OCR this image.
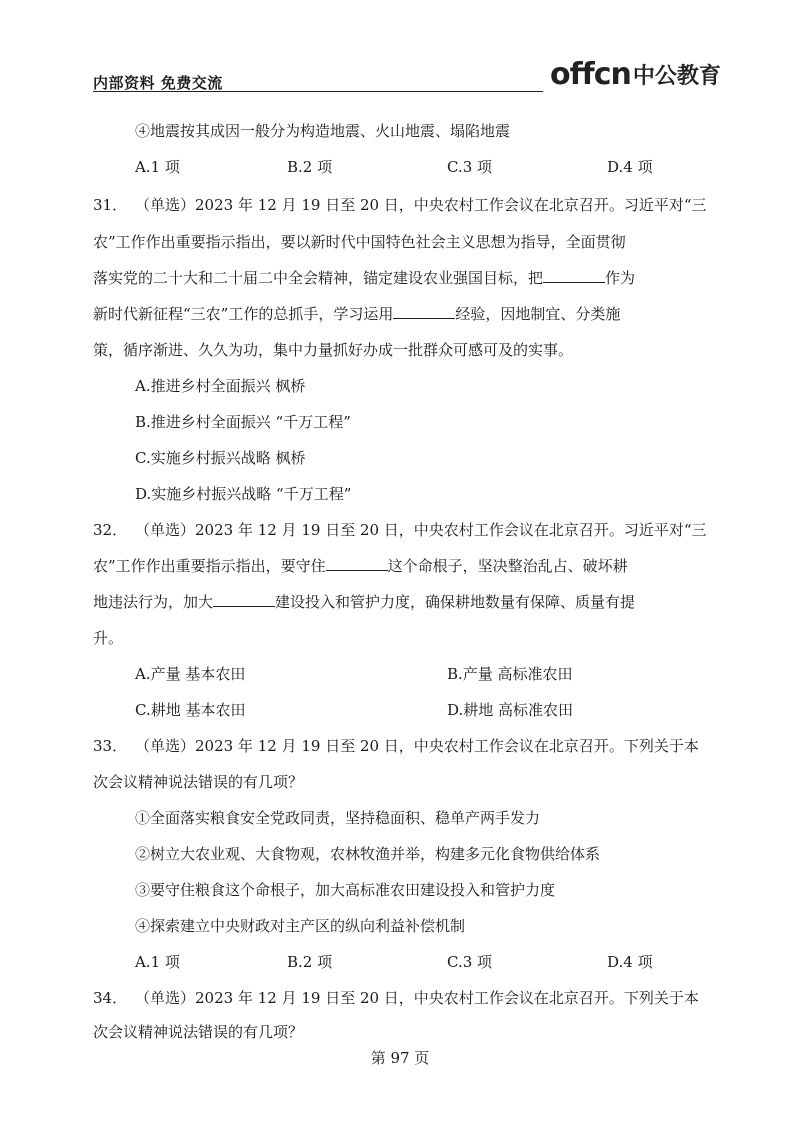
内部资料 免费交流	offcn 中公教育
④地震按其成因一般分为构造地震、火山地震、塌陷地震
A.1 项	B.2 项	C.3 项	D.4 项
31． （单选）2023 年 12 月 19 日至 20 日，中央农村工作会议在北京召开。习近平对“三
农”工作作出重要指示指出，要以新时代中国特色社会主义思想为指导，全面贯彻
落实党的二十大和二十届二中全会精神，锚定建设农业强国目标，把	作为
新时代新征程“三农”工作的总抓手，学习运用	经验，因地制宜、分类施
策，循序渐进、久久为功，集中力量抓好办成一批群众可感可及的实事。
A.推进乡村全面振兴 枫桥
B.推进乡村全面振兴 “千万工程”
C.实施乡村振兴战略 枫桥
D.实施乡村振兴战略 “千万工程”
32． （单选）2023 年 12 月 19 日至 20 日，中央农村工作会议在北京召开。习近平对“三
农”工作作出重要指示指出，要守住	这个命根子，坚决整治乱占、破坏耕
地违法行为，加大	建设投入和管护力度，确保耕地数量有保障、质量有提
升。
A.产量 基本农田	B.产量 高标准农田
C.耕地 基本农田	D.耕地 高标准农田
33． （单选）2023 年 12 月 19 日至 20 日，中央农村工作会议在北京召开。下列关于本
次会议精神说法错误的有几项？
①全面落实粮食安全党政同责，坚持稳面积、稳单产两手发力
②树立大农业观、大食物观，农林牧渔并举，构建多元化食物供给体系
③要守住粮食这个命根子，加大高标准农田建设投入和管护力度
④探索建立中央财政对主产区的纵向利益补偿机制
A.1 项	B.2 项	C.3 项	D.4 项
34． （单选）2023 年 12 月 19 日至 20 日，中央农村工作会议在北京召开。下列关于本
次会议精神说法错误的有几项？
第 97 页
